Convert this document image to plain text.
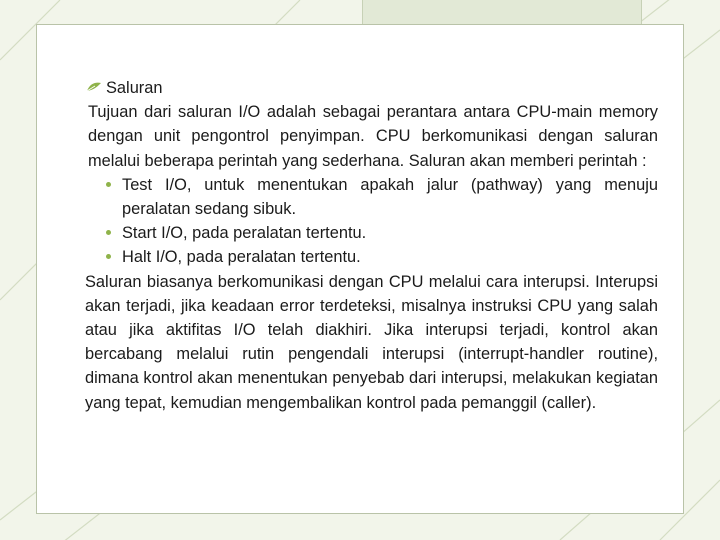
Saluran
Tujuan dari saluran I/O adalah sebagai perantara antara CPU-main memory dengan unit pengontrol penyimpan. CPU berkomunikasi dengan saluran melalui beberapa perintah yang sederhana. Saluran akan memberi perintah :
Test I/O, untuk menentukan apakah jalur (pathway) yang menuju peralatan sedang sibuk.
Start I/O, pada peralatan tertentu.
Halt I/O, pada peralatan tertentu.
Saluran biasanya berkomunikasi dengan CPU melalui cara interupsi. Interupsi akan terjadi, jika keadaan error terdeteksi, misalnya instruksi CPU yang salah atau jika aktifitas I/O telah diakhiri. Jika interupsi terjadi, kontrol akan bercabang melalui rutin pengendali interupsi (interrupt-handler routine), dimana kontrol akan menentukan penyebab dari interupsi, melakukan kegiatan yang tepat, kemudian mengembalikan kontrol pada pemanggil (caller).
